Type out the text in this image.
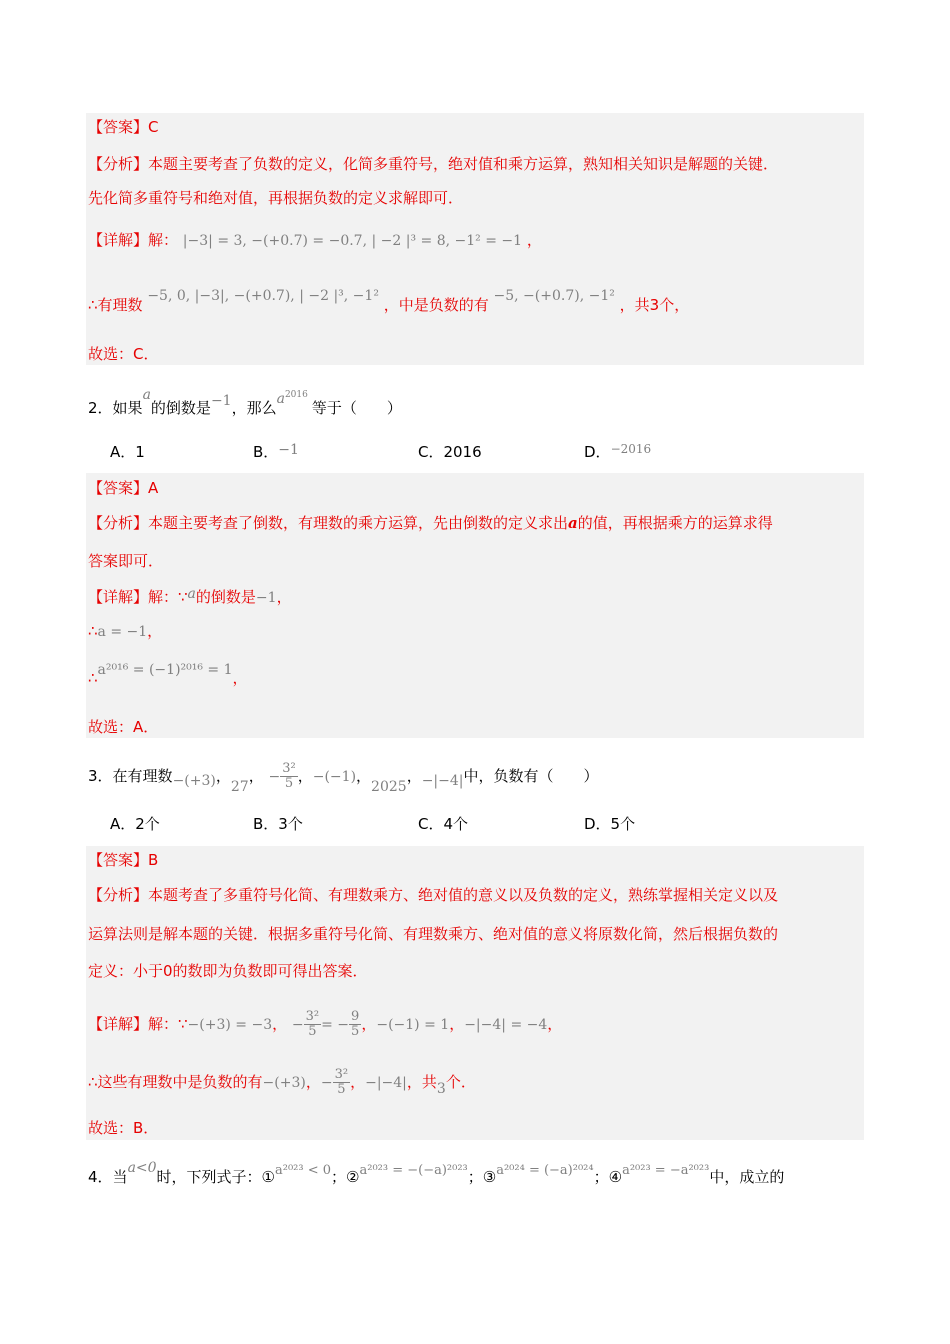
【答案】C
【分析】本题主要考查了负数的定义，化简多重符号，绝对值和乘方运算，熟知相关知识是解题的关键．
先化简多重符号和绝对值，再根据负数的定义求解即可．
【详解】解： |−3| = 3, −(+0.7) = −0.7, | −2 |³ = 8, −1² = −1 ，
∴有理数 −5, 0, |−3|, −(+0.7), | −2 |³, −1² ，中是负数的有 −5, −(+0.7), −1² ，共3个，
故选：C．
2．如果a的倒数是−1，那么$a^{2016}$等于（　　）
A．1	B．−1	C．2016	D．$^{-2016}$
【答案】A
【分析】本题主要考查了倒数，有理数的乘方运算，先由倒数的定义求出a的值，再根据乘方的运算求得
答案即可．
【详解】解：∵a的倒数是−1，
∴a = −1，
∴a²⁰¹⁶ = (−1)²⁰¹⁶ = 1，
故选：A．
3．在有理数−(+3)，27， − $\frac{\text{3²}}{5}$ ，−(−1)，2025，−|−4|中，负数有（　　）
A．2个	B．3个	C．4个	D．5个
【答案】B
【分析】本题考查了多重符号化简、有理数乘方、绝对值的意义以及负数的定义，熟练掌握相关定义以及
运算法则是解本题的关键．根据多重符号化简、有理数乘方、绝对值的意义将原数化简，然后根据负数的
定义：小于0的数即为负数即可得出答案．
【详解】解：∵−(+3) = −3， − $\frac{\text{3²}}{5}$ = − $\frac{9}{5}$ ，−(−1) = 1，−|−4| = −4，
∴这些有理数中是负数的有−(+3)，− $\frac{\text{3²}}{5}$ ，−|−4|，共3个．
故选：B．
4．当a<0时，下列式子：①a²⁰²³ < 0；②a²⁰²³ = −(−a)²⁰²³；③a²⁰²⁴ = (−a)²⁰²⁴；④a²⁰²³ = −a²⁰²³中，成立的
